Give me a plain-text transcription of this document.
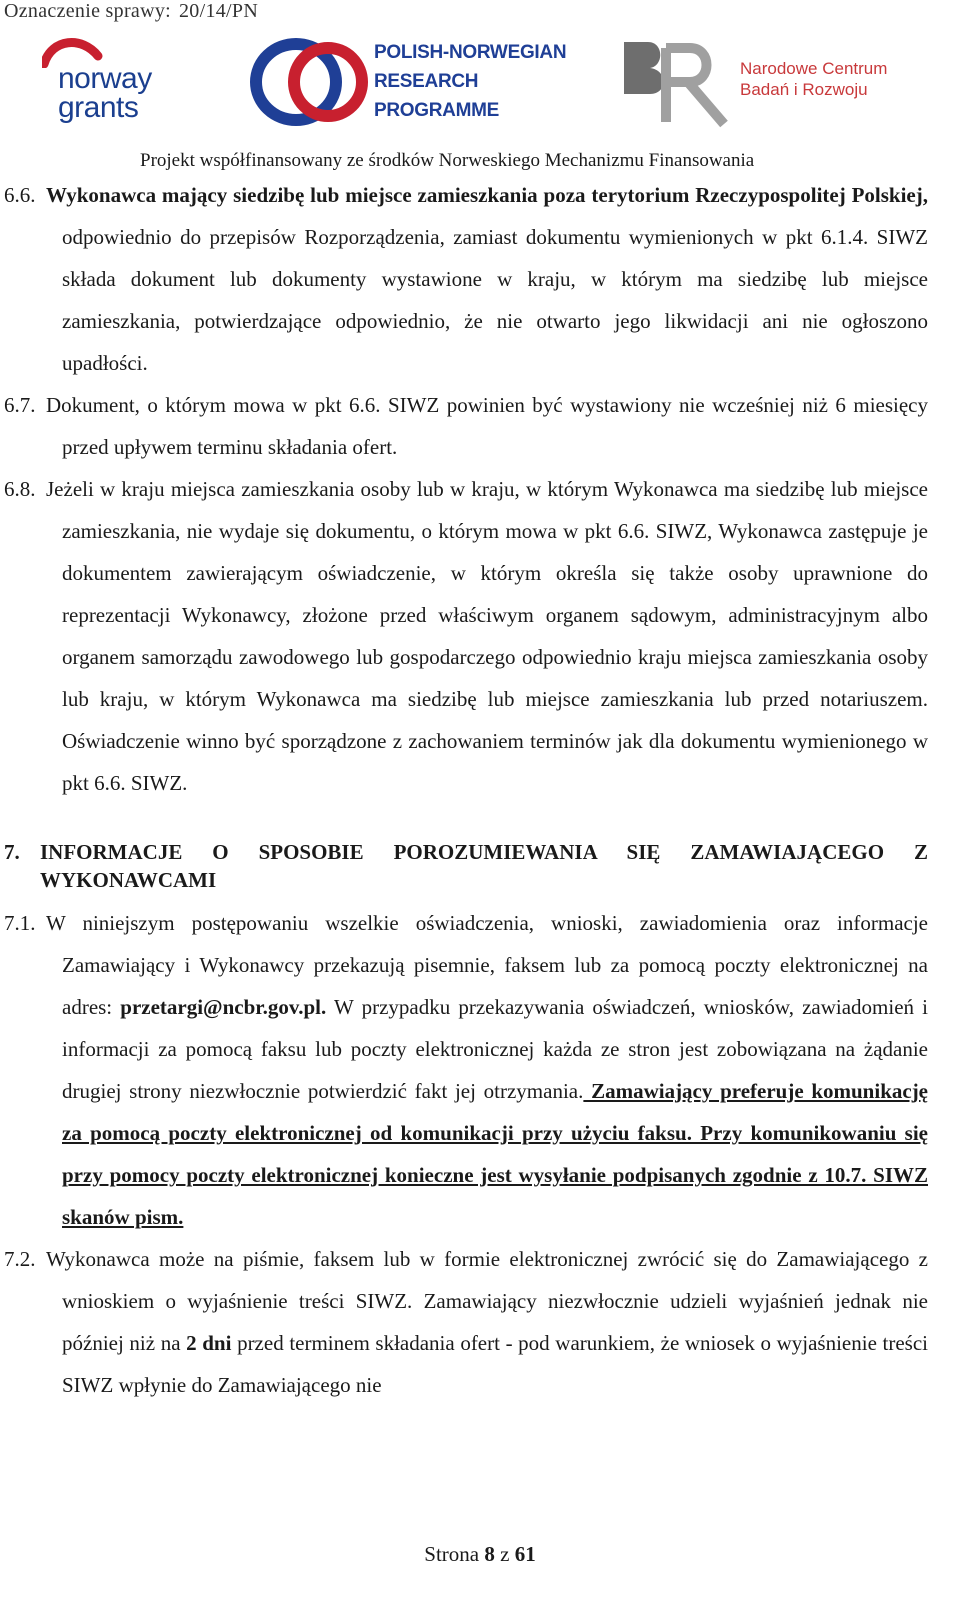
Oznaczenie sprawy: 20/14/PN
norway
grants
POLISH-NORWEGIAN
RESEARCH
PROGRAMME
Narodowe Centrum
Badań i Rozwoju
Projekt współfinansowany ze środków Norweskiego Mechanizmu Finansowania
6.6. Wykonawca mający siedzibę lub miejsce zamieszkania poza terytorium Rzeczypospolitej Polskiej, odpowiednio do przepisów Rozporządzenia, zamiast dokumentu wymienionych w pkt 6.1.4. SIWZ składa dokument lub dokumenty wystawione w kraju, w którym ma siedzibę lub miejsce zamieszkania, potwierdzające odpowiednio, że nie otwarto jego likwidacji ani nie ogłoszono upadłości.
6.7. Dokument, o którym mowa w pkt 6.6. SIWZ powinien być wystawiony nie wcześniej niż 6 miesięcy przed upływem terminu składania ofert.
6.8. Jeżeli w kraju miejsca zamieszkania osoby lub w kraju, w którym Wykonawca ma siedzibę lub miejsce zamieszkania, nie wydaje się dokumentu, o którym mowa w pkt 6.6. SIWZ, Wykonawca zastępuje je dokumentem zawierającym oświadczenie, w którym określa się także osoby uprawnione do reprezentacji Wykonawcy, złożone przed właściwym organem sądowym, administracyjnym albo organem samorządu zawodowego lub gospodarczego odpowiednio kraju miejsca zamieszkania osoby lub kraju, w którym Wykonawca ma siedzibę lub miejsce zamieszkania lub przed notariuszem. Oświadczenie winno być sporządzone z zachowaniem terminów jak dla dokumentu wymienionego w pkt 6.6. SIWZ.
7. INFORMACJE O SPOSOBIE POROZUMIEWANIA SIĘ ZAMAWIAJĄCEGO Z WYKONAWCAMI
7.1. W niniejszym postępowaniu wszelkie oświadczenia, wnioski, zawiadomienia oraz informacje Zamawiający i Wykonawcy przekazują pisemnie, faksem lub za pomocą poczty elektronicznej na adres: przetargi@ncbr.gov.pl. W przypadku przekazywania oświadczeń, wniosków, zawiadomień i informacji za pomocą faksu lub poczty elektronicznej każda ze stron jest zobowiązana na żądanie drugiej strony niezwłocznie potwierdzić fakt jej otrzymania. Zamawiający preferuje komunikację za pomocą poczty elektronicznej od komunikacji przy użyciu faksu. Przy komunikowaniu się przy pomocy poczty elektronicznej konieczne jest wysyłanie podpisanych zgodnie z 10.7. SIWZ skanów pism.
7.2. Wykonawca może na piśmie, faksem lub w formie elektronicznej zwrócić się do Zamawiającego z wnioskiem o wyjaśnienie treści SIWZ. Zamawiający niezwłocznie udzieli wyjaśnień jednak nie później niż na 2 dni przed terminem składania ofert - pod warunkiem, że wniosek o wyjaśnienie treści SIWZ wpłynie do Zamawiającego nie
Strona 8 z 61
